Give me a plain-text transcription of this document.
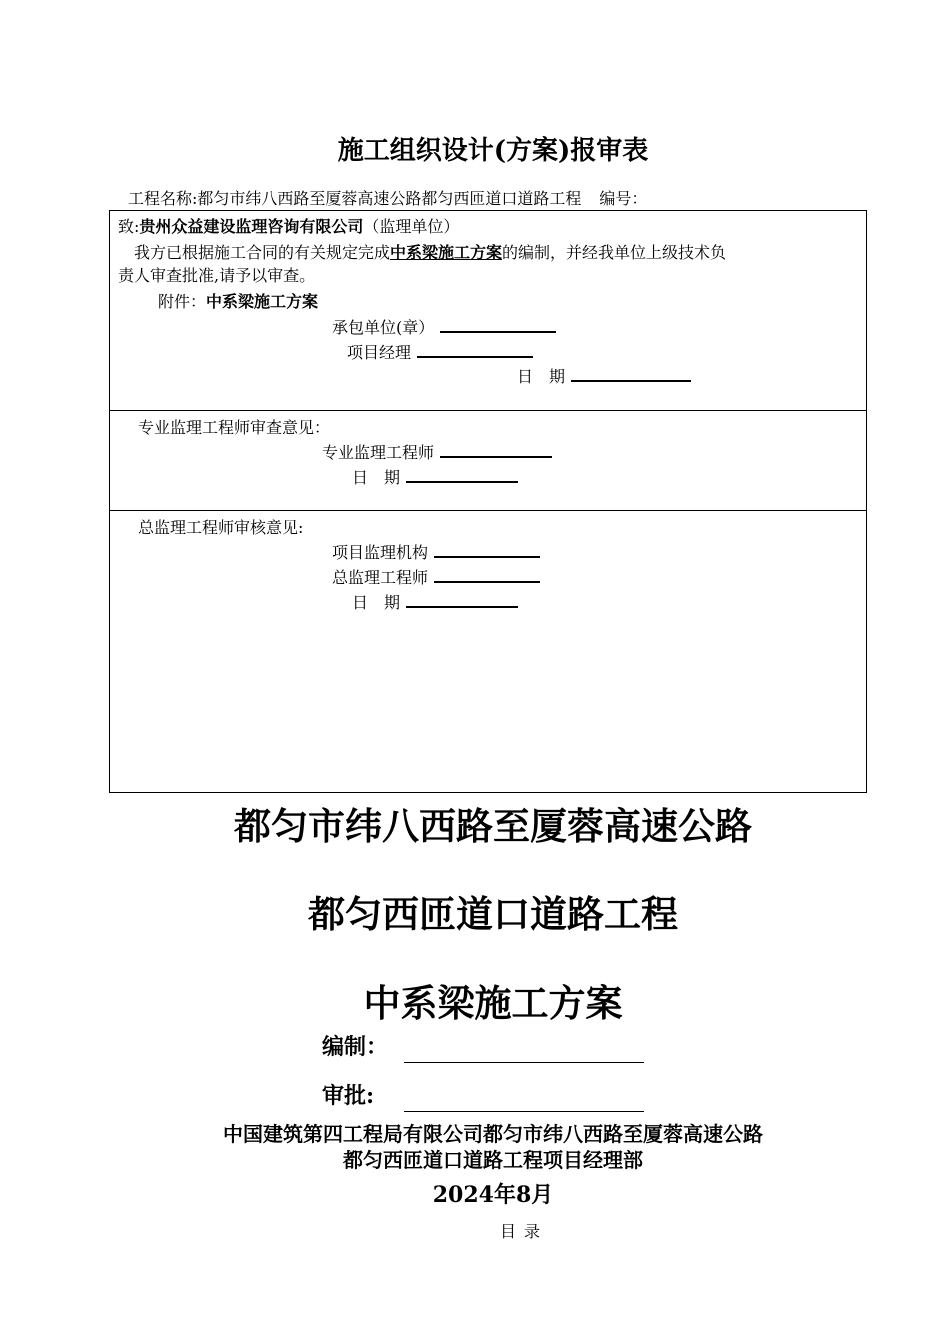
施工组织设计(方案)报审表
工程名称:都匀市纬八西路至厦蓉高速公路都匀西匝道口道路工程 编号：
致:贵州众益建设监理咨询有限公司（监理单位）
我方已根据施工合同的有关规定完成中系梁施工方案的编制，并经我单位上级技术负
责人审查批准,请予以审查。
附件：中系梁施工方案
承包单位(章）
项目经理
日　期
专业监理工程师审查意见：
专业监理工程师
日　期
总监理工程师审核意见:
项目监理机构
总监理工程师
日　期
都匀市纬八西路至厦蓉高速公路
都匀西匝道口道路工程
中系梁施工方案
编制：
审批:
中国建筑第四工程局有限公司都匀市纬八西路至厦蓉高速公路
都匀西匝道口道路工程项目经理部
2024年8月
目录
